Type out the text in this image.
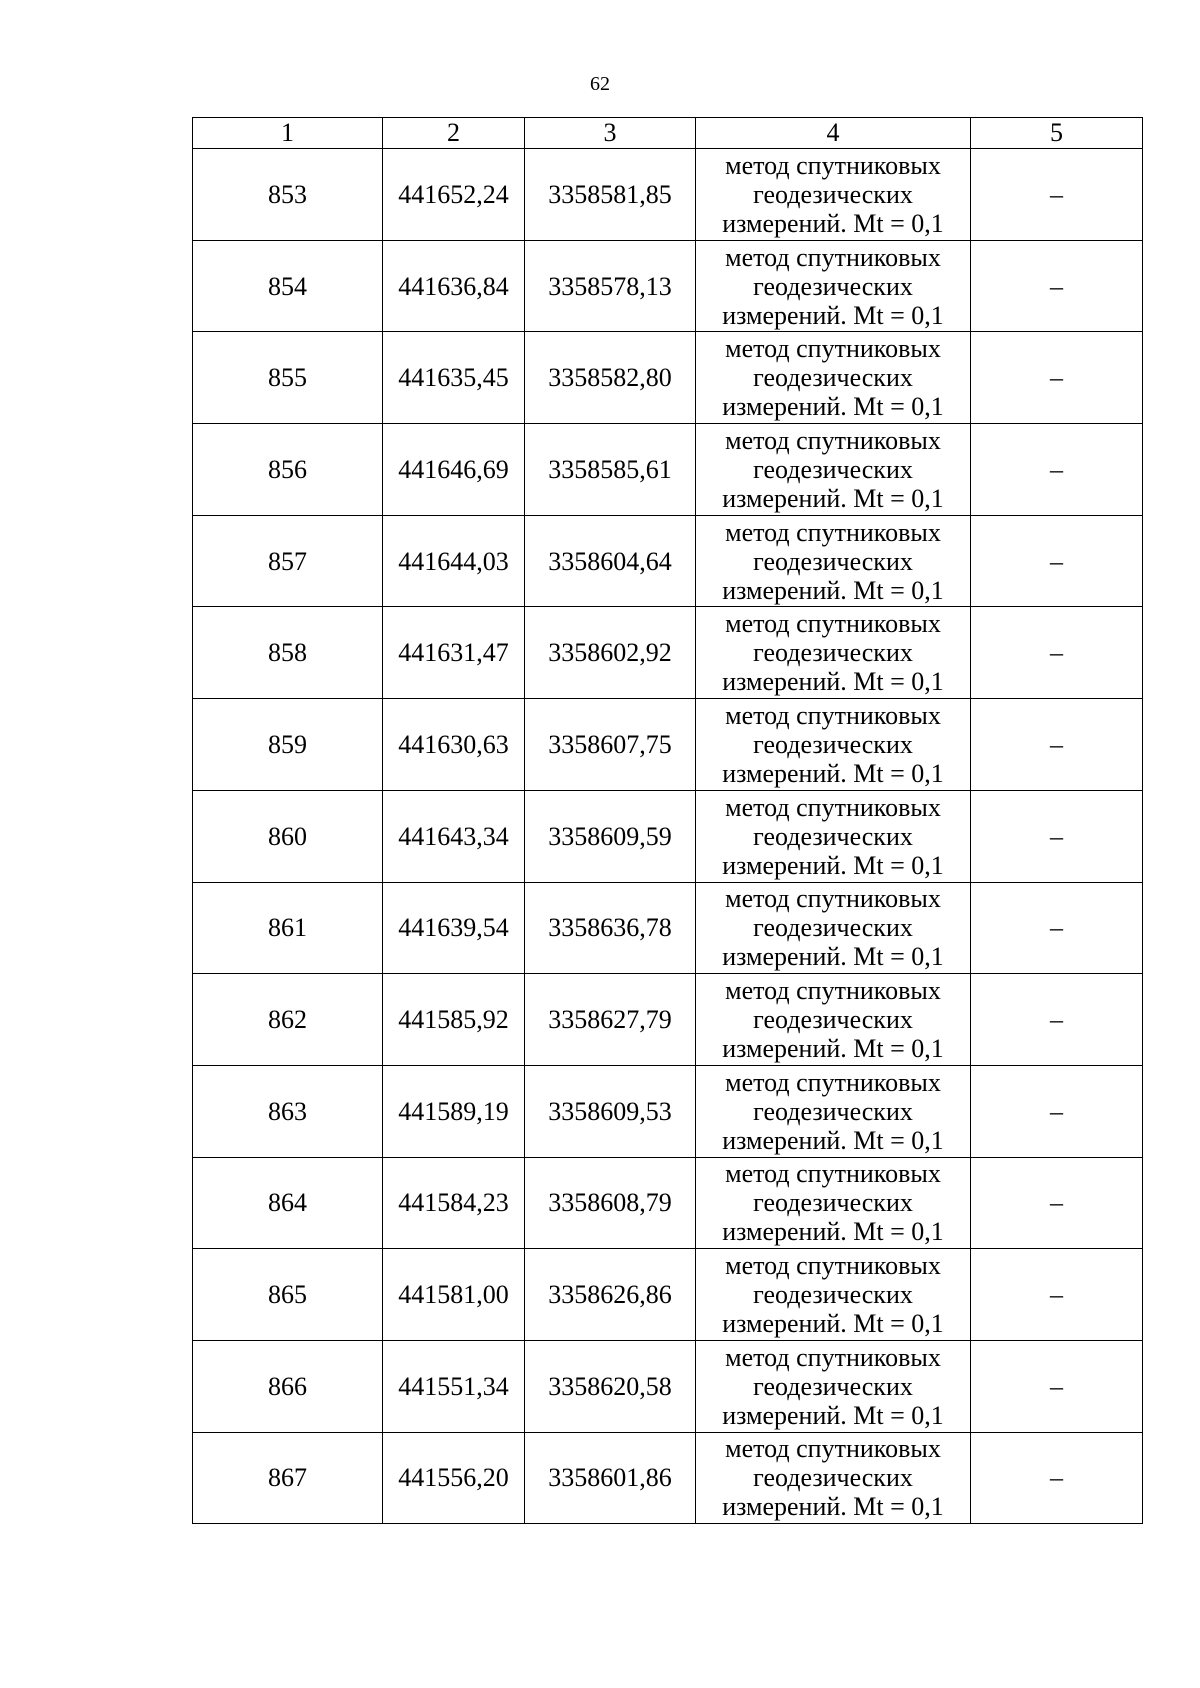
62
1	2	3	4	5
853	441652,24	3358581,85	метод спутниковых
геодезических
измерений. Mt = 0,1	–
854	441636,84	3358578,13	метод спутниковых
геодезических
измерений. Mt = 0,1	–
855	441635,45	3358582,80	метод спутниковых
геодезических
измерений. Mt = 0,1	–
856	441646,69	3358585,61	метод спутниковых
геодезических
измерений. Mt = 0,1	–
857	441644,03	3358604,64	метод спутниковых
геодезических
измерений. Mt = 0,1	–
858	441631,47	3358602,92	метод спутниковых
геодезических
измерений. Mt = 0,1	–
859	441630,63	3358607,75	метод спутниковых
геодезических
измерений. Mt = 0,1	–
860	441643,34	3358609,59	метод спутниковых
геодезических
измерений. Mt = 0,1	–
861	441639,54	3358636,78	метод спутниковых
геодезических
измерений. Mt = 0,1	–
862	441585,92	3358627,79	метод спутниковых
геодезических
измерений. Mt = 0,1	–
863	441589,19	3358609,53	метод спутниковых
геодезических
измерений. Mt = 0,1	–
864	441584,23	3358608,79	метод спутниковых
геодезических
измерений. Mt = 0,1	–
865	441581,00	3358626,86	метод спутниковых
геодезических
измерений. Mt = 0,1	–
866	441551,34	3358620,58	метод спутниковых
геодезических
измерений. Mt = 0,1	–
867	441556,20	3358601,86	метод спутниковых
геодезических
измерений. Mt = 0,1	–
